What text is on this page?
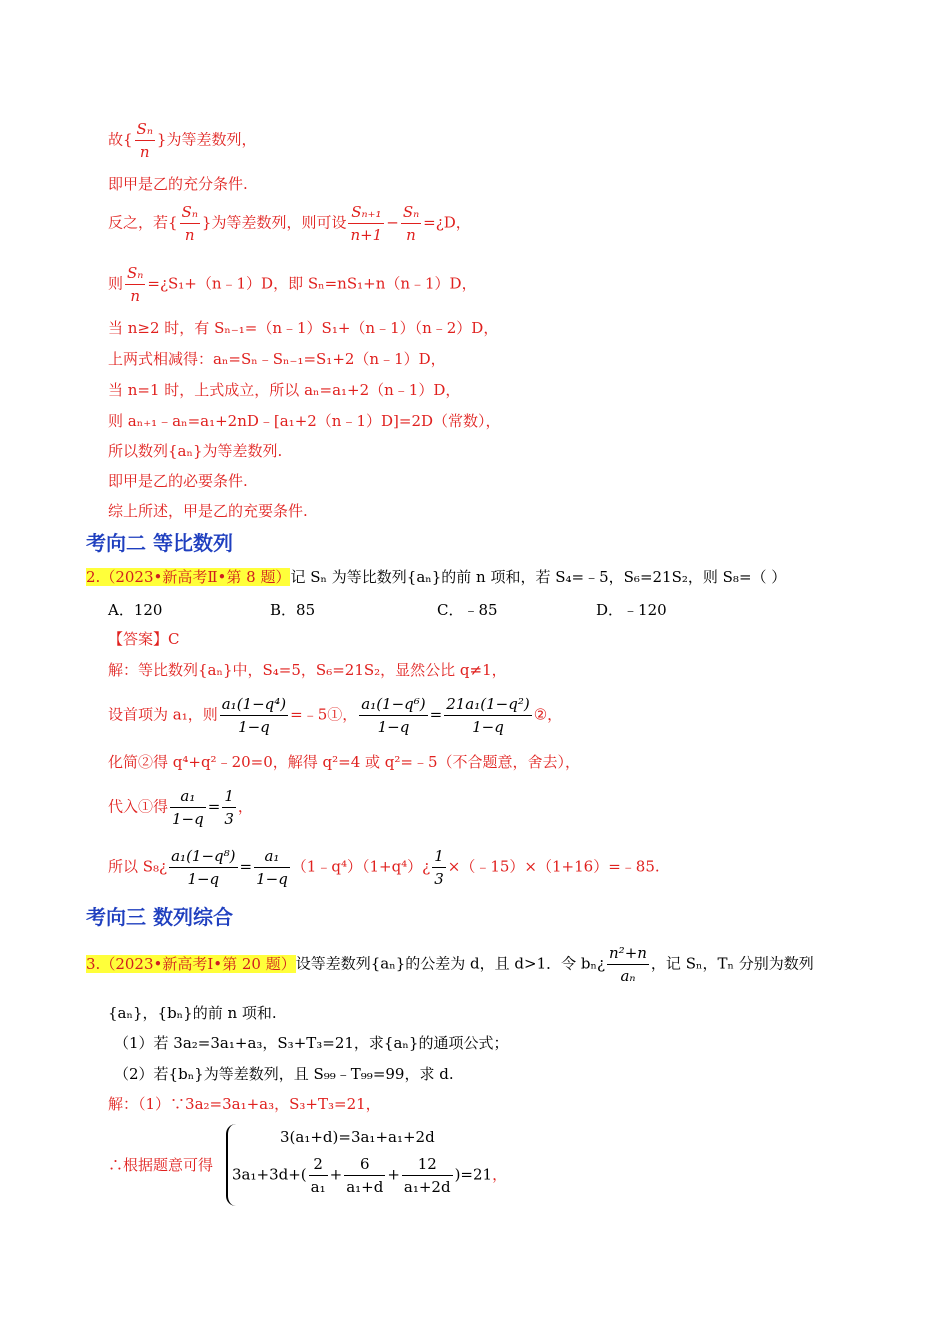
故{ $\frac{\text{Sₙ}}{n}$ }为等差数列，
即甲是乙的充分条件.
反之，若{ $\frac{\text{Sₙ}}{n}$ }为等差数列，则可设 $\frac{\text{Sₙ₊₁}}{n+1} - \frac{\text{Sₙ}}{n}$ =¿D，
则 $\frac{\text{Sₙ}}{n}$ =¿S₁+（n﹣1）D，即 Sₙ=nS₁+n（n﹣1）D，
当 n≥2 时，有 Sₙ₋₁=（n﹣1）S₁+（n﹣1）（n﹣2）D，
上两式相减得：aₙ=Sₙ﹣Sₙ₋₁=S₁+2（n﹣1）D，
当 n=1 时，上式成立，所以 aₙ=a₁+2（n﹣1）D，
则 aₙ₊₁﹣aₙ=a₁+2nD﹣[a₁+2（n﹣1）D]=2D（常数），
所以数列{aₙ}为等差数列.
即甲是乙的必要条件.
综上所述，甲是乙的充要条件.
考向二 等比数列
2.（2023•新高考Ⅱ•第 8 题）记 Sₙ 为等比数列{aₙ}的前 n 项和，若 S₄=﹣5，S₆=21S₂，则 S₈=（ ）
A．120	B．85	C．﹣85	D．﹣120
【答案】C
解：等比数列{aₙ}中，S₄=5，S₆=21S₂，显然公比 q≠1，
设首项为 a₁，则 $\frac{\text{a₁(1−q⁴)}}{1-q}$ =﹣5①， $\frac{\text{a₁(1−q⁶)}}{1-q} = \frac{\text{21a₁(1−q²)}}{1-q}$ ②，
化简②得 q⁴+q²﹣20=0，解得 q²=4 或 q²=﹣5（不合题意，舍去），
代入①得 $\frac{\text{a₁}}{1-q} = \frac{1}{3}$ ，
所以 S₈¿ $\frac{\text{a₁(1−q⁸)}}{1-q} = \frac{\text{a₁}}{1-q}$ （1﹣q⁴）（1+q⁴）¿ $\frac{1}{3}$ ×（﹣15）×（1+16）=﹣85.
考向三 数列综合
3.（2023•新高考Ⅰ•第 20 题）设等差数列{aₙ}的公差为 d，且 d>1．令 bₙ¿ $\frac{\text{n²+n}}{\text{aₙ}}$ ，记 Sₙ，Tₙ 分别为数列
{aₙ}，{bₙ}的前 n 项和.
（1）若 3a₂=3a₁+a₃，S₃+T₃=21，求{aₙ}的通项公式；
（2）若{bₙ}为等差数列，且 S₉₉﹣T₉₉=99，求 d.
解：（1）∵3a₂=3a₁+a₃，S₃+T₃=21，
∴根据题意可得
3(a₁+d)=3a₁+a₁+2d
$3a_1+3d+( \frac{2}{\text{a₁}} + \frac{6}{\text{a₁+d}} + \frac{12}{\text{a₁+2d}} )=21$，
